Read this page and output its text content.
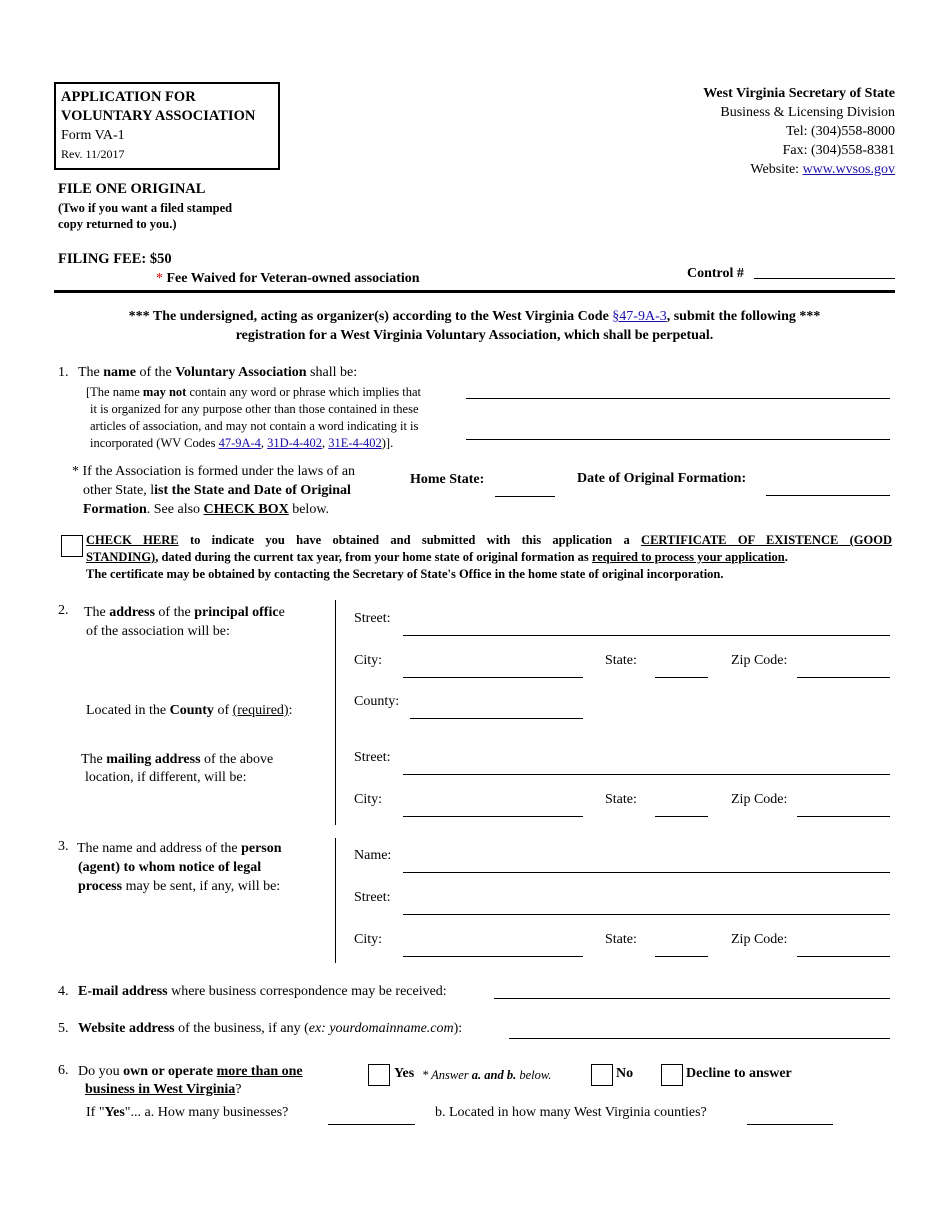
APPLICATION FOR
VOLUNTARY ASSOCIATION
Form VA-1
Rev. 11/2017
West Virginia Secretary of State
Business & Licensing Division
Tel: (304)558-8000
Fax: (304)558-8381
Website: www.wvsos.gov
FILE ONE ORIGINAL
(Two if you want a filed stamped
copy returned to you.)
FILING FEE: $50
* Fee Waived for Veteran-owned association	Control #
*** The undersigned, acting as organizer(s) according to the West Virginia Code §47-9A-3, submit the following ***
registration for a West Virginia Voluntary Association, which shall be perpetual.
1. The name of the Voluntary Association shall be:
[The name may not contain any word or phrase which implies that
it is organized for any purpose other than those contained in these
articles of association, and may not contain a word indicating it is
incorporated (WV Codes 47-9A-4, 31D-4-402, 31E-4-402)].
* If the Association is formed under the laws of an
other State, list the State and Date of Original
Formation. See also CHECK BOX below.
Home State:	Date of Original Formation:
CHECK HERE to indicate you have obtained and submitted with this application a CERTIFICATE OF EXISTENCE (GOOD
STANDING), dated during the current tax year, from your home state of original formation as required to process your application.
The certificate may be obtained by contacting the Secretary of State's Office in the home state of original incorporation.
2. The address of the principal office
of the association will be:
Located in the County of (required):
The mailing address of the above
location, if different, will be:
Street:
City:	State:	Zip Code:
County:
Street:
City:	State:	Zip Code:
3. The name and address of the person
(agent) to whom notice of legal
process may be sent, if any, will be:
Name:
Street:
City:	State:	Zip Code:
4. E-mail address where business correspondence may be received:
5. Website address of the business, if any (ex: yourdomainname.com):
6. Do you own or operate more than one
business in West Virginia?
Yes * Answer a. and b. below.	No	Decline to answer
If "Yes"... a. How many businesses?	b. Located in how many West Virginia counties?
